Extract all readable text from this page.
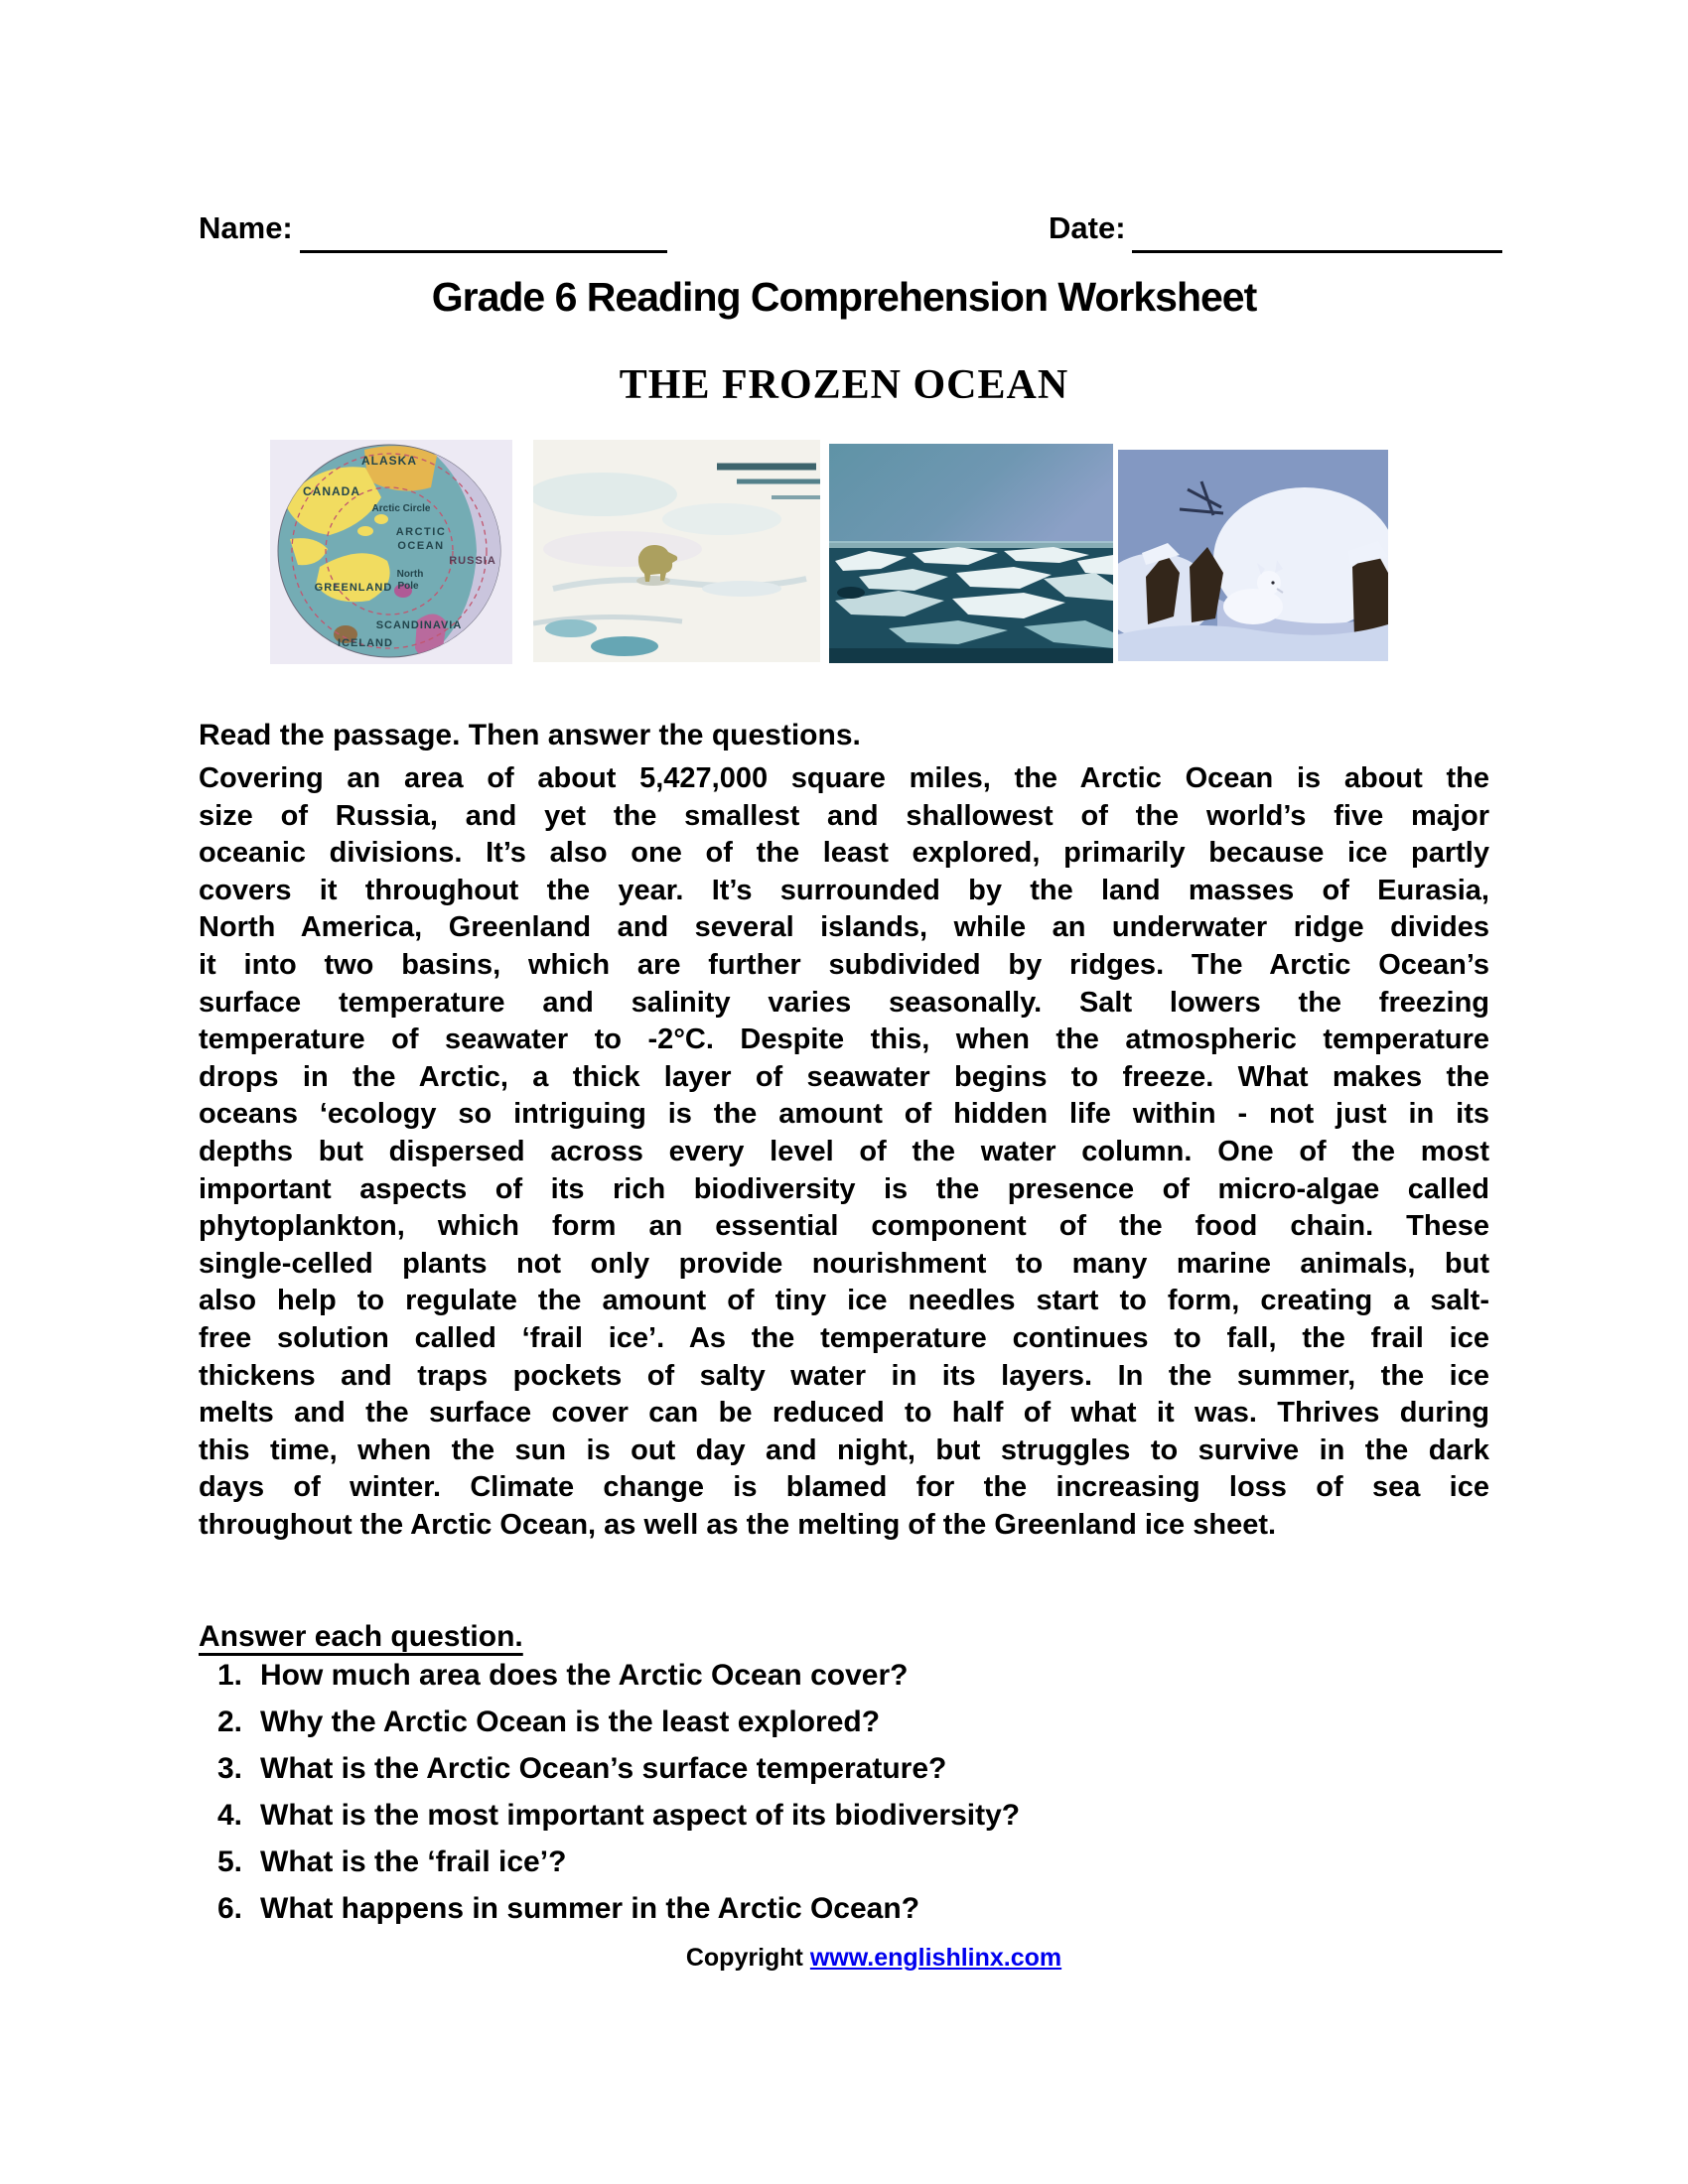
Name:	Date:
Grade 6 Reading Comprehension Worksheet
THE FROZEN OCEAN
ALASKA
CANADA
Arctic Circle
ARCTIC
OCEAN
North
Pole
RUSSIA
GREENLAND
SCANDINAVIA
ICELAND
Read the passage. Then answer the questions.
Covering an area of about 5,427,000 square miles, the Arctic Ocean is about the
size of Russia, and yet the smallest and shallowest of the world’s five major
oceanic divisions. It’s also one of the least explored, primarily because ice partly
covers it throughout the year. It’s surrounded by the land masses of Eurasia,
North America, Greenland and several islands, while an underwater ridge divides
it into two basins, which are further subdivided by ridges. The Arctic Ocean’s
surface temperature and salinity varies seasonally. Salt lowers the freezing
temperature of seawater to -2°C. Despite this, when the atmospheric temperature
drops in the Arctic, a thick layer of seawater begins to freeze. What makes the
oceans ‘ecology so intriguing is the amount of hidden life within - not just in its
depths but dispersed across every level of the water column. One of the most
important aspects of its rich biodiversity is the presence of micro-algae called
phytoplankton, which form an essential component of the food chain. These
single-celled plants not only provide nourishment to many marine animals, but
also help to regulate the amount of tiny ice needles start to form, creating a salt-
free solution called ‘frail ice’. As the temperature continues to fall, the frail ice
thickens and traps pockets of salty water in its layers. In the summer, the ice
melts and the surface cover can be reduced to half of what it was. Thrives during
this time, when the sun is out day and night, but struggles to survive in the dark
days of winter. Climate change is blamed for the increasing loss of sea ice
throughout the Arctic Ocean, as well as the melting of the Greenland ice sheet.
Answer each question.
1. How much area does the Arctic Ocean cover?
2. Why the Arctic Ocean is the least explored?
3. What is the Arctic Ocean’s surface temperature?
4. What is the most important aspect of its biodiversity?
5. What is the ‘frail ice’?
6. What happens in summer in the Arctic Ocean?
Copyright www.englishlinx.com
